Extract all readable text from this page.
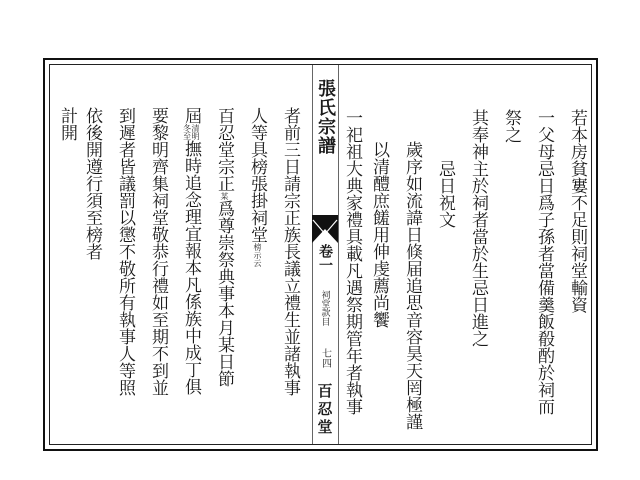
者前三日請宗正族長議立禮生並諸執事
人等具榜張掛祠堂榜示云
百忍堂宗正某爲尊崇祭典事本月某日節
屆
清明
冬至
撫時追念理宜報本凡係族中成丁俱
要黎明齊集祠堂敬恭行禮如至期不到並
到遲者皆議罰以懲不敬所有執事人等照
依後開遵行須至榜者
計開	張氏宗譜
卷一
祠堂款目
七四
百忍堂
若本房貧寠不足則祠堂輸資
一父母忌日爲子孫者當備羹飯殽酌於祠而
祭之
其奉神主於祠者當於生忌日進之
忌日祝文
歲序如流諱日倏届追思音容昊天罔極謹
以清醴庶饈用伸虔薦尚饗
一祀祖大典家禮具載凡遇祭期管年者執事
